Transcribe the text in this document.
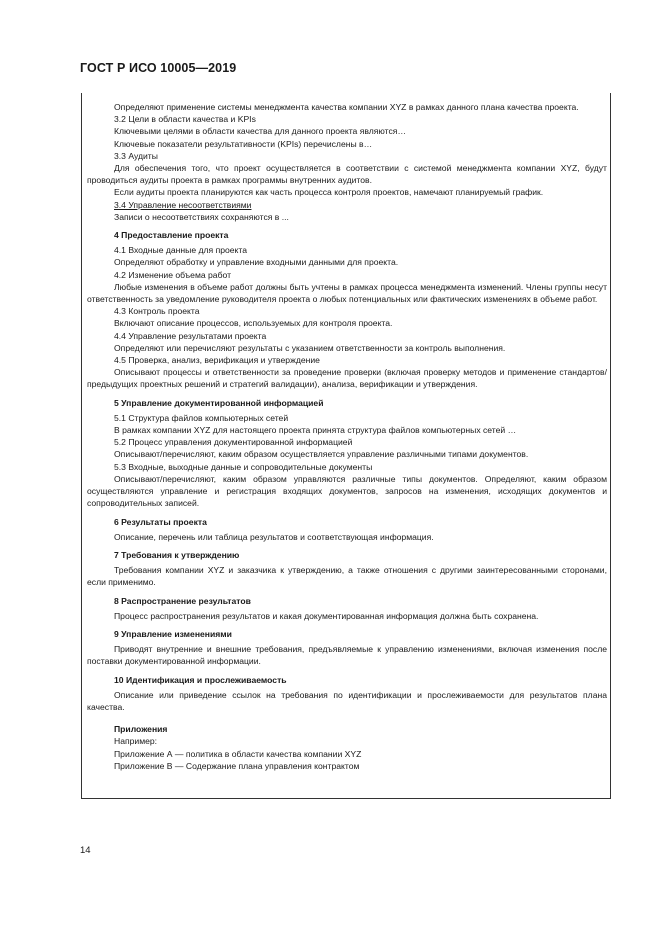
ГОСТ Р ИСО 10005—2019

Определяют применение системы менеджмента качества компании XYZ в рамках данного плана качества проекта.

3.2 Цели в области качества и KPIs

Ключевыми целями в области качества для данного проекта являются…

Ключевые показатели результативности (KPIs) перечислены в…

3.3 Аудиты

Для обеспечения того, что проект осуществляется в соответствии с системой менеджмента компании XYZ, будут проводиться аудиты проекта в рамках программы внутренних аудитов.

Если аудиты проекта планируются как часть процесса контроля проектов, намечают планируемый график.

3.4 Управление несоответствиями

Записи о несоответствиях сохраняются в ...

4 Предоставление проекта

4.1 Входные данные для проекта

Определяют обработку и управление входными данными для проекта.

4.2 Изменение объема работ

Любые изменения в объеме работ должны быть учтены в рамках процесса менеджмента изменений. Члены группы несут ответственность за уведомление руководителя проекта о любых потенциальных или фактических изменениях в объеме работ.

4.3 Контроль проекта

Включают описание процессов, используемых для контроля проекта.

4.4 Управление результатами проекта

Определяют или перечисляют результаты с указанием ответственности за контроль выполнения.

4.5 Проверка, анализ, верификация и утверждение

Описывают процессы и ответственности за проведение проверки (включая проверку методов и применение стандартов/предыдущих проектных решений и стратегий валидации), анализа, верификации и утверждения.

5 Управление документированной информацией

5.1 Структура файлов компьютерных сетей

В рамках компании XYZ для настоящего проекта принята структура файлов компьютерных сетей …

5.2 Процесс управления документированной информацией

Описывают/перечисляют, каким образом осуществляется управление различными типами документов.

5.3 Входные, выходные данные и сопроводительные документы

Описывают/перечисляют, каким образом управляются различные типы документов. Определяют, каким образом осуществляются управление и регистрация входящих документов, запросов на изменения, исходящих документов и сопроводительных записей.

6 Результаты проекта

Описание, перечень или таблица результатов и соответствующая информация.

7 Требования к утверждению

Требования компании XYZ и заказчика к утверждению, а также отношения с другими заинтересованными сторонами, если применимо.

8 Распространение результатов

Процесс распространения результатов и какая документированная информация должна быть сохранена.

9 Управление изменениями

Приводят внутренние и внешние требования, предъявляемые к управлению изменениями, включая изменения после поставки документированной информации.

10 Идентификация и прослеживаемость

Описание или приведение ссылок на требования по идентификации и прослеживаемости для результатов плана качества.

Приложения

Например:

Приложение А — политика в области качества компании XYZ

Приложение В — Содержание плана управления контрактом

14
